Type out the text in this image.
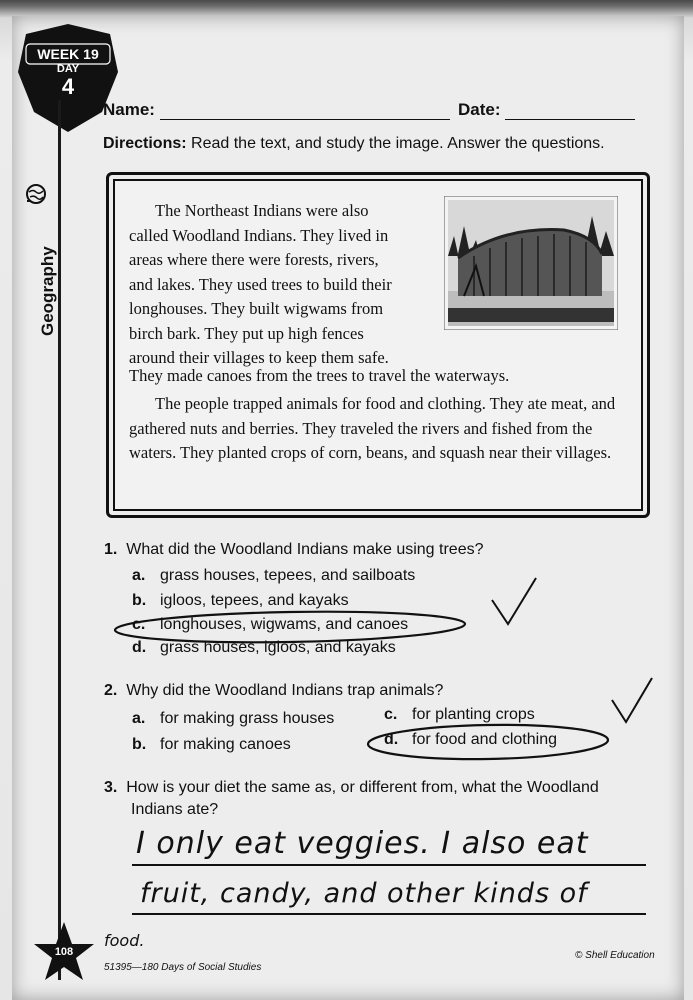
WEEK 19
DAY
4
Geography
Name:	Date:
Directions: Read the text, and study the image. Answer the questions.
The Northeast Indians were also
called Woodland Indians. They lived in
areas where there were forests, rivers,
and lakes. They used trees to build their
longhouses. They built wigwams from
birch bark. They put up high fences
around their villages to keep them safe.
They made canoes from the trees to travel the waterways.
The people trapped animals for food and clothing. They ate meat, and gathered nuts and berries. They traveled the rivers and fished from the waters. They planted crops of corn, beans, and squash near their villages.
1. What did the Woodland Indians make using trees?
a. grass houses, tepees, and sailboats
b. igloos, tepees, and kayaks
c. longhouses, wigwams, and canoes
d. grass houses, igloos, and kayaks
2. Why did the Woodland Indians trap animals?
a. for making grass houses
b. for making canoes
c. for planting crops
d. for food and clothing
3. How is your diet the same as, or different from, what the Woodland
Indians ate?
I only eat veggies. I also eat
fruit, candy, and other kinds of
food.
108
51395—180 Days of Social Studies
© Shell Education
